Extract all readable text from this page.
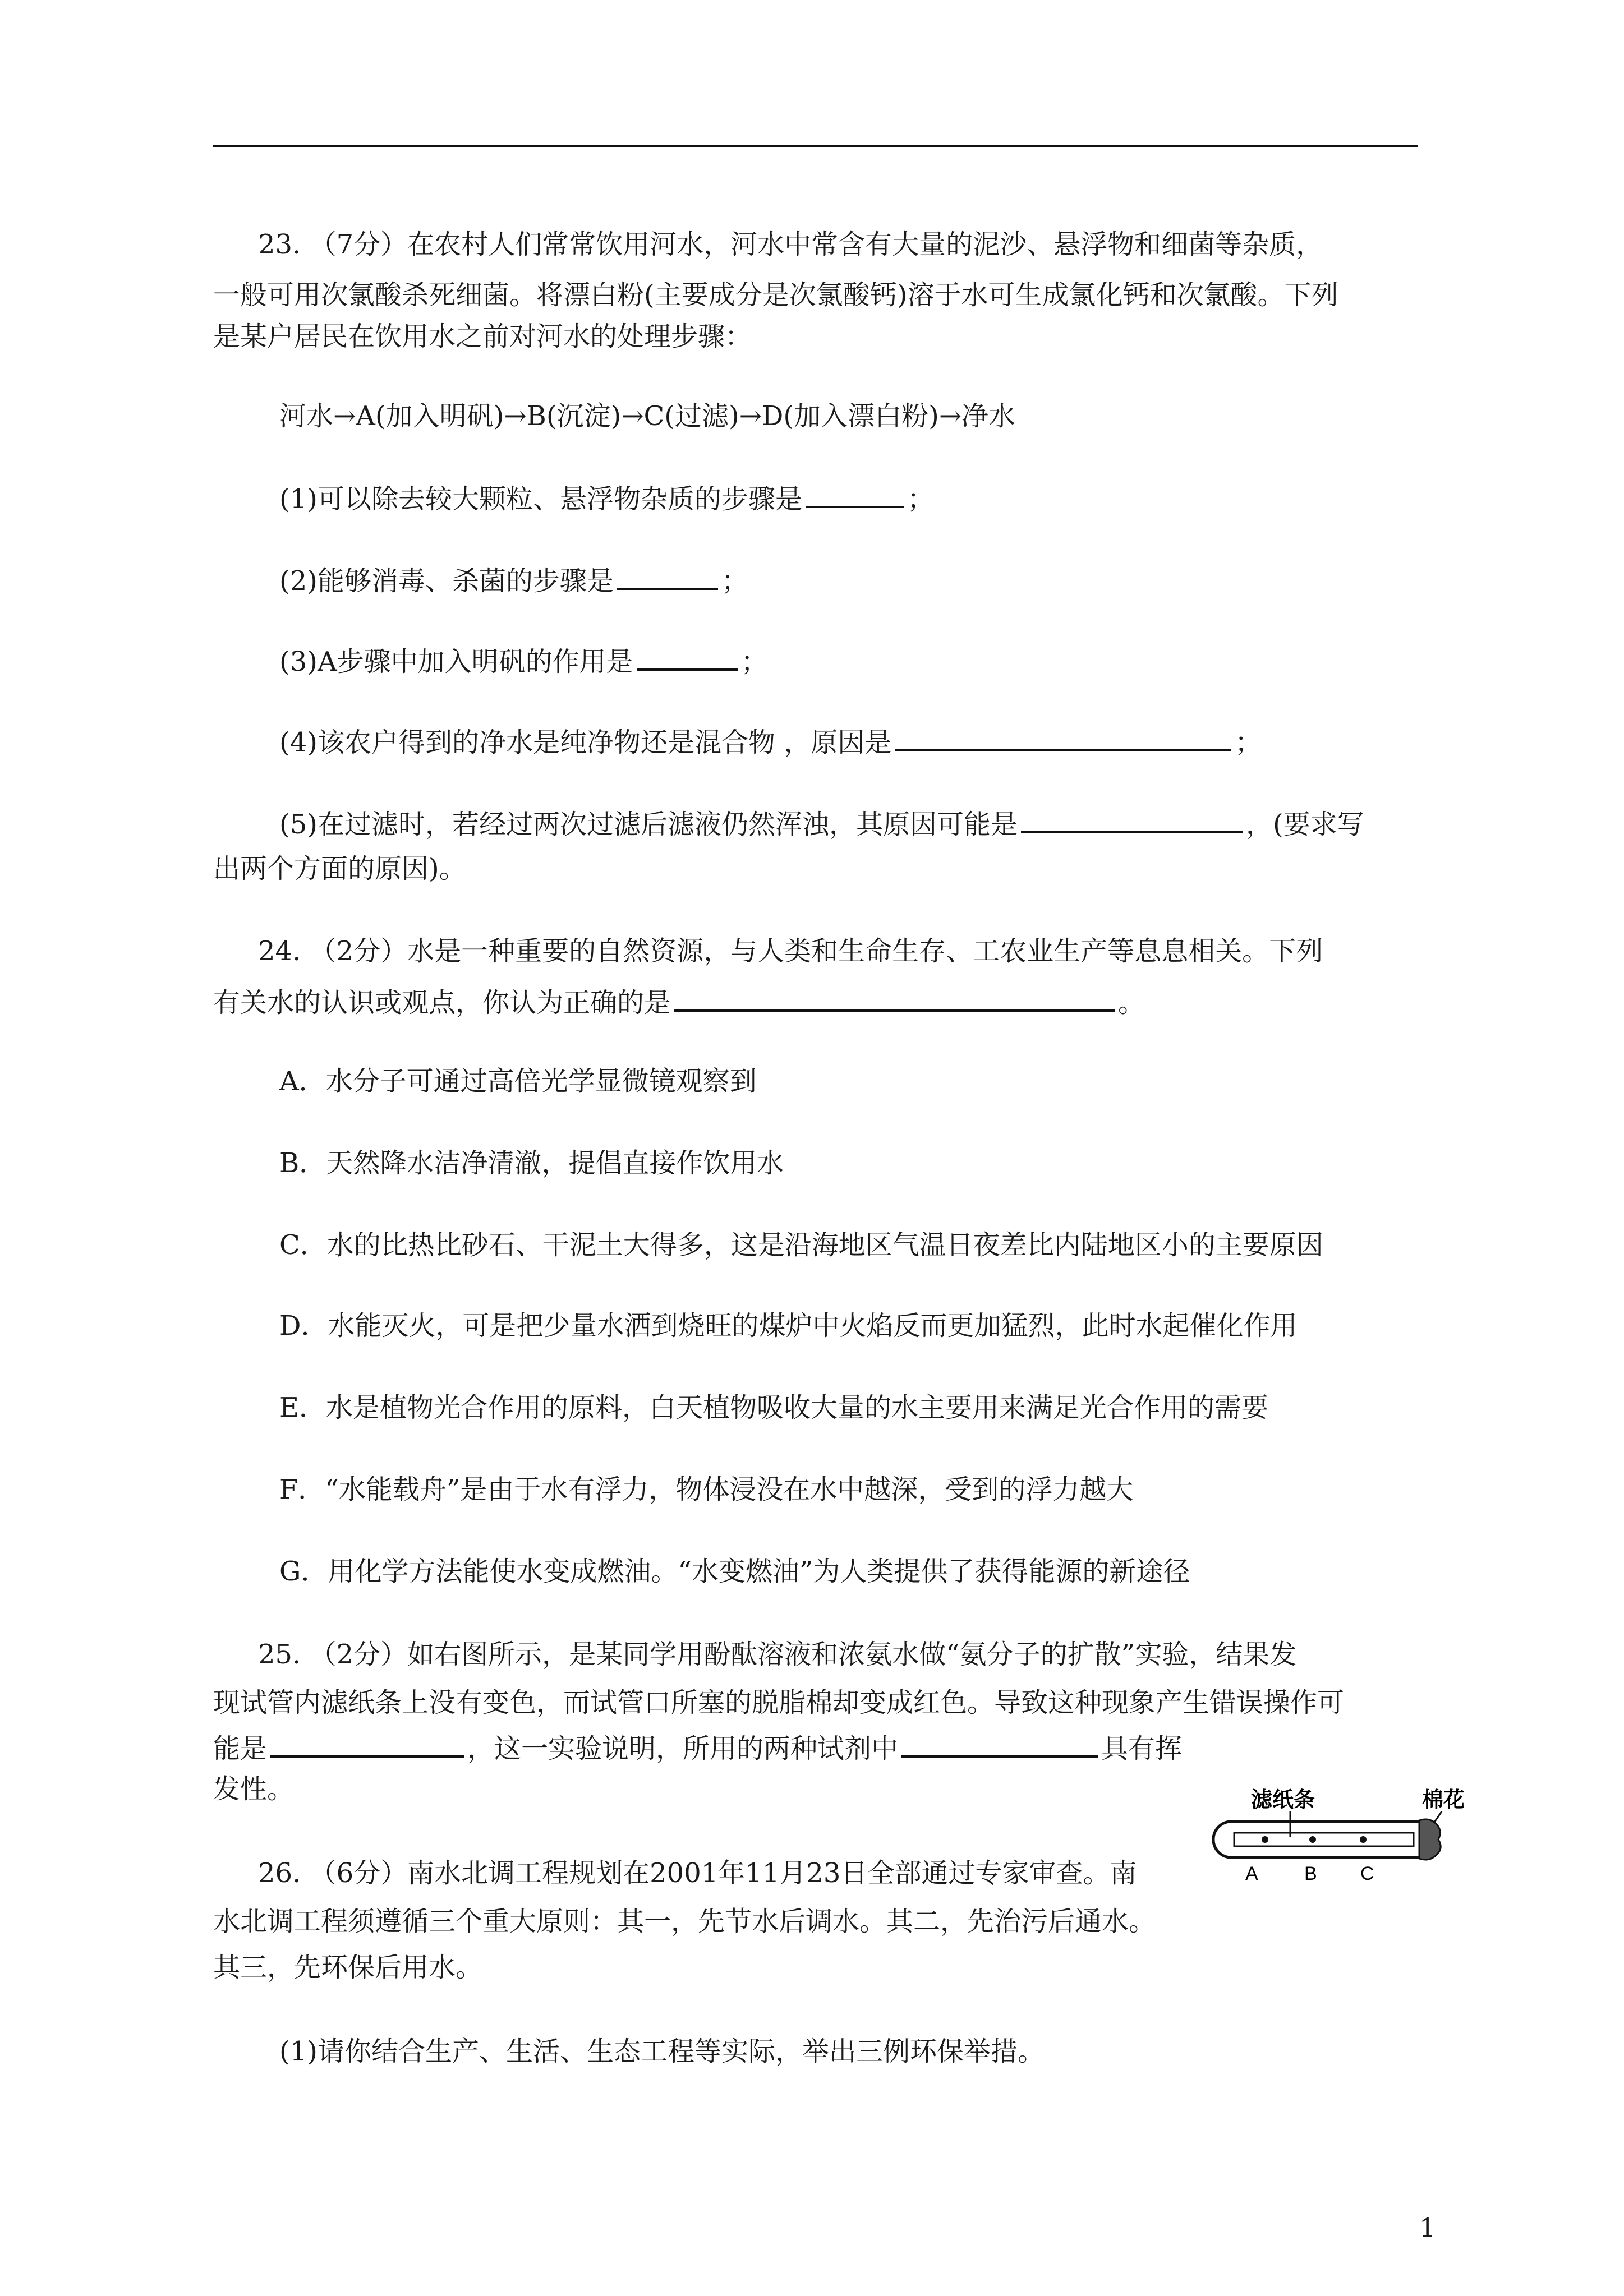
23. （7分）在农村人们常常饮用河水，河水中常含有大量的泥沙、悬浮物和细菌等杂质，
一般可用次氯酸杀死细菌。将漂白粉(主要成分是次氯酸钙)溶于水可生成氯化钙和次氯酸。下列
是某户居民在饮用水之前对河水的处理步骤：
河水→A(加入明矾)→B(沉淀)→C(过滤)→D(加入漂白粉)→净水
(1)可以除去较大颗粒、悬浮物杂质的步骤是	；
(2)能够消毒、杀菌的步骤是	；
(3)A步骤中加入明矾的作用是	；
(4)该农户得到的净水是纯净物还是混合物 ，原因是	；
(5)在过滤时，若经过两次过滤后滤液仍然浑浊，其原因可能是	，(要求写
出两个方面的原因)。
24. （2分）水是一种重要的自然资源，与人类和生命生存、工农业生产等息息相关。下列
有关水的认识或观点，你认为正确的是	。
A．水分子可通过高倍光学显微镜观察到
B．天然降水洁净清澈，提倡直接作饮用水
C．水的比热比砂石、干泥土大得多，这是沿海地区气温日夜差比内陆地区小的主要原因
D．水能灭火，可是把少量水洒到烧旺的煤炉中火焰反而更加猛烈，此时水起催化作用
E．水是植物光合作用的原料，白天植物吸收大量的水主要用来满足光合作用的需要
F．“水能载舟”是由于水有浮力，物体浸没在水中越深，受到的浮力越大
G．用化学方法能使水变成燃油。“水变燃油”为人类提供了获得能源的新途径
25. （2分）如右图所示，是某同学用酚酞溶液和浓氨水做“氨分子的扩散”实验，结果发
现试管内滤纸条上没有变色，而试管口所塞的脱脂棉却变成红色。导致这种现象产生错误操作可
能是	，这一实验说明，所用的两种试剂中	具有挥
发性。	滤纸条	棉花
A B C
26. （6分）南水北调工程规划在2001年11月23日全部通过专家审查。南
水北调工程须遵循三个重大原则：其一，先节水后调水。其二，先治污后通水。
其三，先环保后用水。
(1)请你结合生产、生活、生态工程等实际，举出三例环保举措。
1
